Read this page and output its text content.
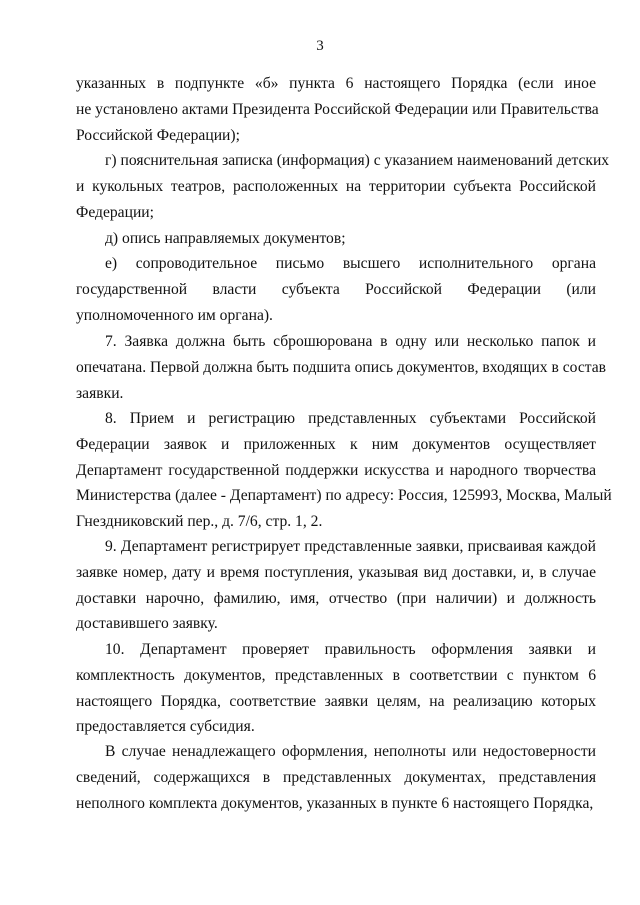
3
указанных в подпункте «б» пункта 6 настоящего Порядка (если иное
не установлено актами Президента Российской Федерации или Правительства
Российской Федерации);
г) пояснительная записка (информация) с указанием наименований детских
и кукольных театров, расположенных на территории субъекта Российской
Федерации;
д) опись направляемых документов;
е) сопроводительное письмо высшего исполнительного органа
государственной власти субъекта Российской Федерации (или
уполномоченного им органа).
7. Заявка должна быть сброшюрована в одну или несколько папок и
опечатана. Первой должна быть подшита опись документов, входящих в состав
заявки.
8. Прием и регистрацию представленных субъектами Российской
Федерации заявок и приложенных к ним документов осуществляет
Департамент государственной поддержки искусства и народного творчества
Министерства (далее - Департамент) по адресу: Россия, 125993, Москва, Малый
Гнездниковский пер., д. 7/6, стр. 1, 2.
9. Департамент регистрирует представленные заявки, присваивая каждой
заявке номер, дату и время поступления, указывая вид доставки, и, в случае
доставки нарочно, фамилию, имя, отчество (при наличии) и должность
доставившего заявку.
10. Департамент проверяет правильность оформления заявки и
комплектность документов, представленных в соответствии с пунктом 6
настоящего Порядка, соответствие заявки целям, на реализацию которых
предоставляется субсидия.
В случае ненадлежащего оформления, неполноты или недостоверности
сведений, содержащихся в представленных документах, представления
неполного комплекта документов, указанных в пункте 6 настоящего Порядка,
